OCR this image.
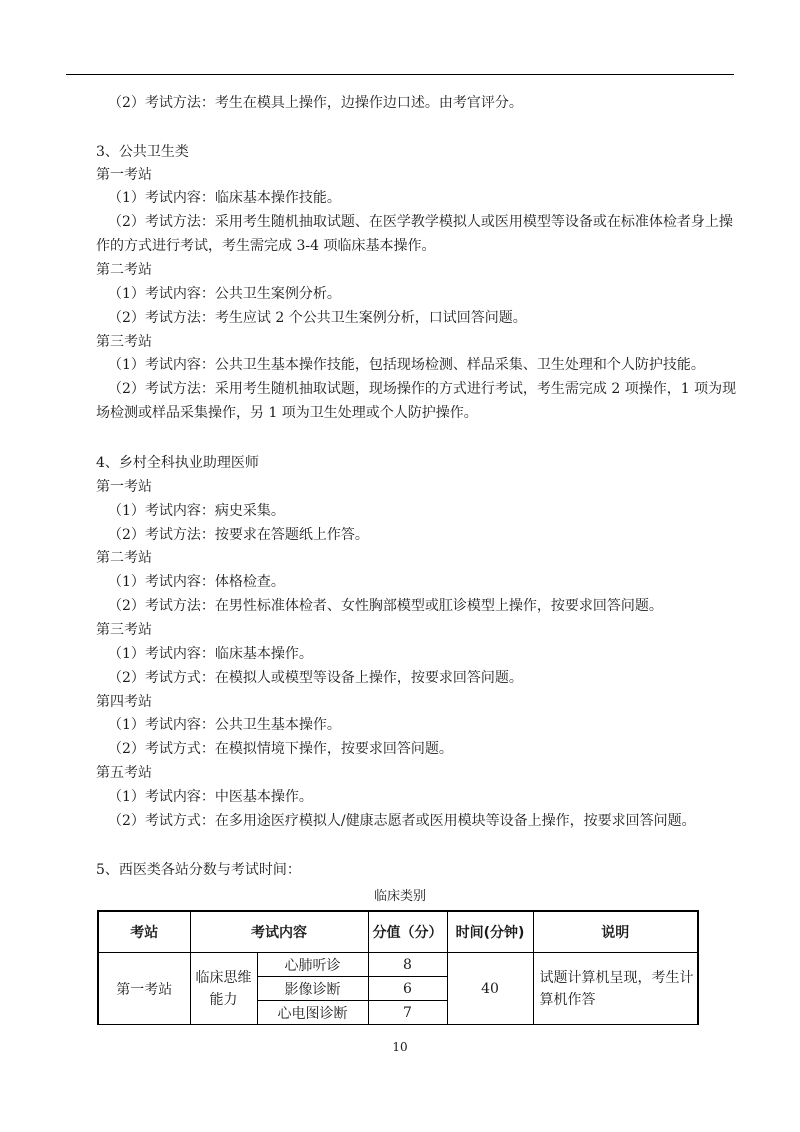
（2）考试方法：考生在模具上操作，边操作边口述。由考官评分。
3、公共卫生类
第一考站
（1）考试内容：临床基本操作技能。
（2）考试方法：采用考生随机抽取试题、在医学教学模拟人或医用模型等设备或在标准体检者身上操
作的方式进行考试，考生需完成 3-4 项临床基本操作。
第二考站
（1）考试内容：公共卫生案例分析。
（2）考试方法：考生应试 2 个公共卫生案例分析，口试回答问题。
第三考站
（1）考试内容：公共卫生基本操作技能，包括现场检测、样品采集、卫生处理和个人防护技能。
（2）考试方法：采用考生随机抽取试题，现场操作的方式进行考试，考生需完成 2 项操作，1 项为现
场检测或样品采集操作，另 1 项为卫生处理或个人防护操作。
4、乡村全科执业助理医师
第一考站
（1）考试内容：病史采集。
（2）考试方法：按要求在答题纸上作答。
第二考站
（1）考试内容：体格检查。
（2）考试方法：在男性标准体检者、女性胸部模型或肛诊模型上操作，按要求回答问题。
第三考站
（1）考试内容：临床基本操作。
（2）考试方式：在模拟人或模型等设备上操作，按要求回答问题。
第四考站
（1）考试内容：公共卫生基本操作。
（2）考试方式：在模拟情境下操作，按要求回答问题。
第五考站
（1）考试内容：中医基本操作。
（2）考试方式：在多用途医疗模拟人/健康志愿者或医用模块等设备上操作，按要求回答问题。
5、西医类各站分数与考试时间：
临床类别
考站	考试内容		分值（分）	时间(分钟)	说明
第一考站	临床思维能力	心肺听诊	8	40	试题计算机呈现，考生计算机作答
		影像诊断	6		
		心电图诊断	7		
10
